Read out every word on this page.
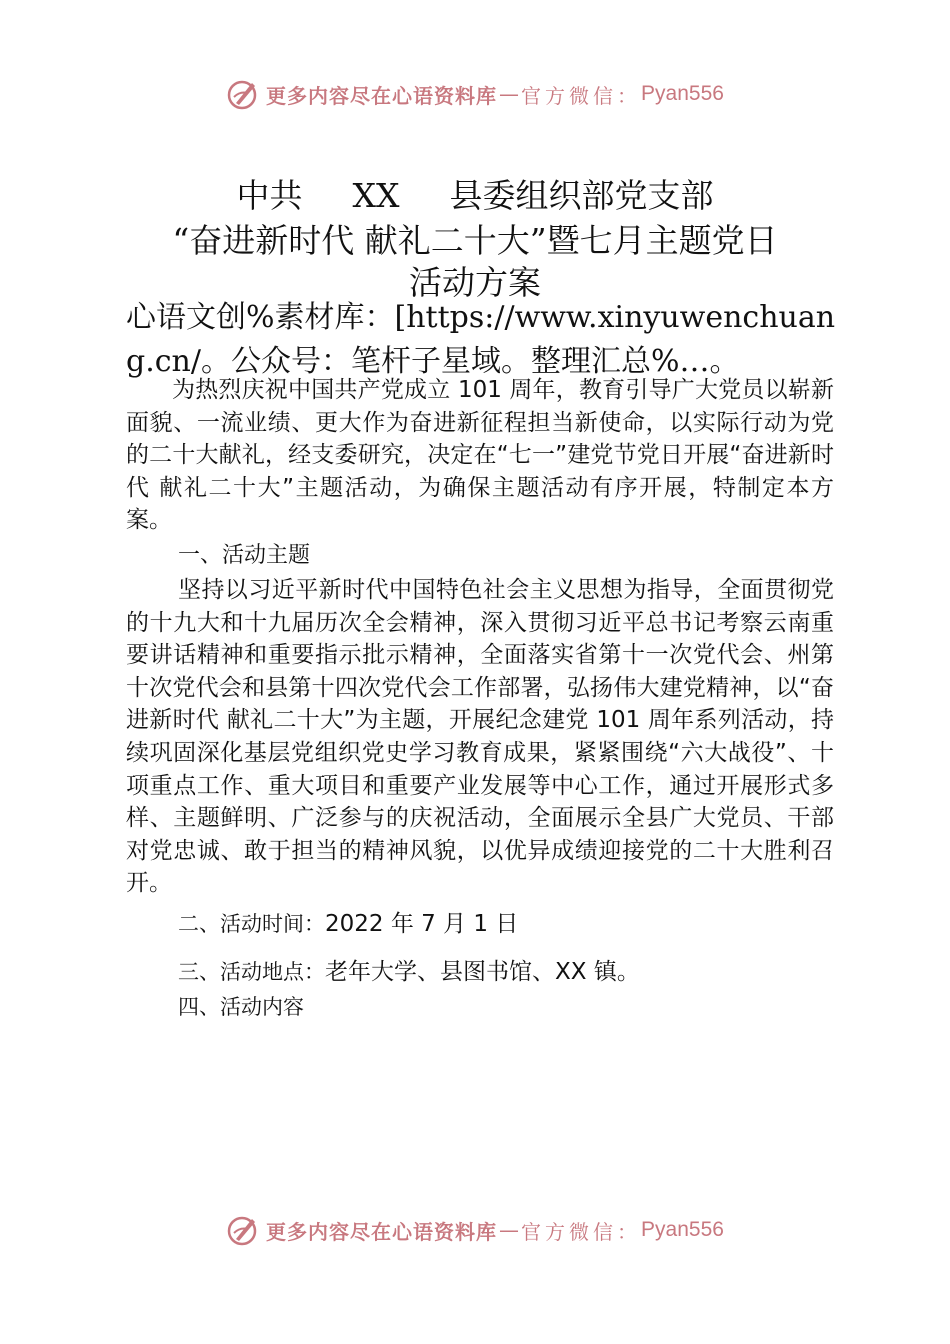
更多内容尽在心语资料库 — 官方微信： Pyan556
中共 XX 县委组织部党支部
“奋进新时代 献礼二十大”暨七月主题党日
活动方案
心语文创%素材库：[https://www.xinyuwenchuang.cn/。公众号：笔杆子星域。整理汇总%…。
为热烈庆祝中国共产党成立 101 周年，教育引导广大党员以崭新面貌、一流业绩、更大作为奋进新征程担当新使命，以实际行动为党的二十大献礼，经支委研究，决定在“七一”建党节党日开展“奋进新时代 献礼二十大”主题活动，为确保主题活动有序开展，特制定本方案。
一、活动主题
坚持以习近平新时代中国特色社会主义思想为指导，全面贯彻党的十九大和十九届历次全会精神，深入贯彻习近平总书记考察云南重要讲话精神和重要指示批示精神，全面落实省第十一次党代会、州第十次党代会和县第十四次党代会工作部署，弘扬伟大建党精神，以“奋进新时代 献礼二十大”为主题，开展纪念建党 101 周年系列活动，持续巩固深化基层党组织党史学习教育成果，紧紧围绕“六大战役”、十项重点工作、重大项目和重要产业发展等中心工作，通过开展形式多样、主题鲜明、广泛参与的庆祝活动，全面展示全县广大党员、干部对党忠诚、敢于担当的精神风貌，以优异成绩迎接党的二十大胜利召开。
二、活动时间：2022 年 7 月 1 日
三、活动地点：老年大学、县图书馆、XX 镇。
四、活动内容
更多内容尽在心语资料库 — 官方微信： Pyan556
